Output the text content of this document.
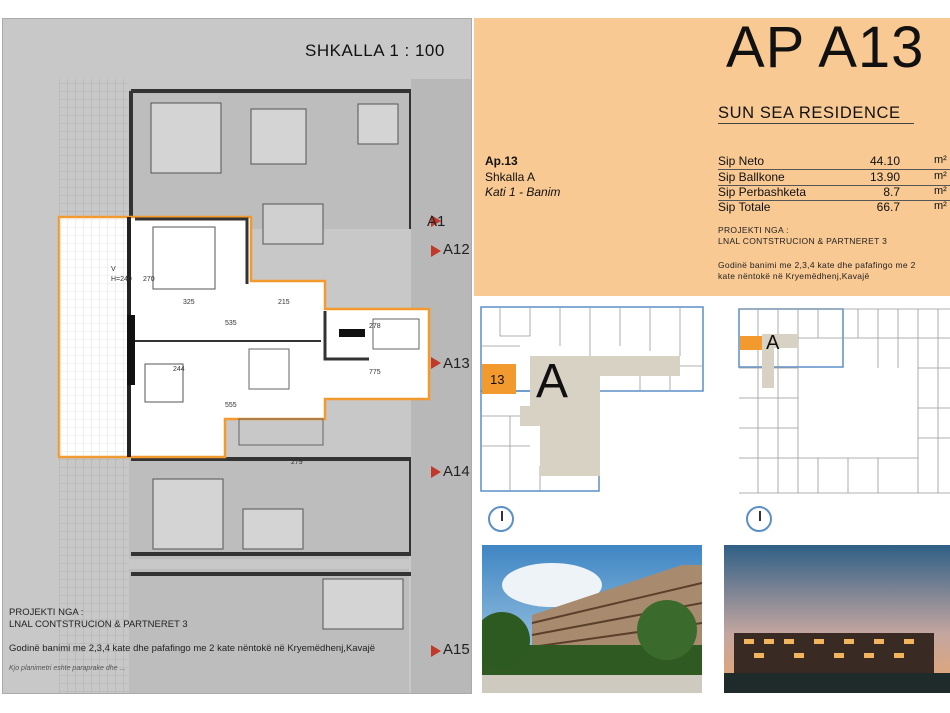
325	215
535	278
244	775
555
279
V
H=240 270
SHKALLA 1 : 100
A1
A12
A13
A14
A15
PROJEKTI NGA :
LNAL CONTSTRUCION & PARTNERET 3
Godinë banimi me 2,3,4 kate dhe pafafingo me 2 kate nëntokë në Kryemëdhenj,Kavajë
Kjo planimetri eshte paraprake dhe ...
AP A13
SUN SEA RESIDENCE
Ap.13
Shkalla A
Kati 1 - Banim
Sip Neto	44.10	m²
Sip Ballkone	13.90	m²
Sip Perbashketa	8.7	m²
Sip Totale	66.7	m²
PROJEKTI NGA :
LNAL CONTSTRUCION & PARTNERET 3
Godinë banimi me 2,3,4 kate dhe pafafingo me 2
kate nëntokë në Kryemëdhenj,Kavajë
A
13
A
